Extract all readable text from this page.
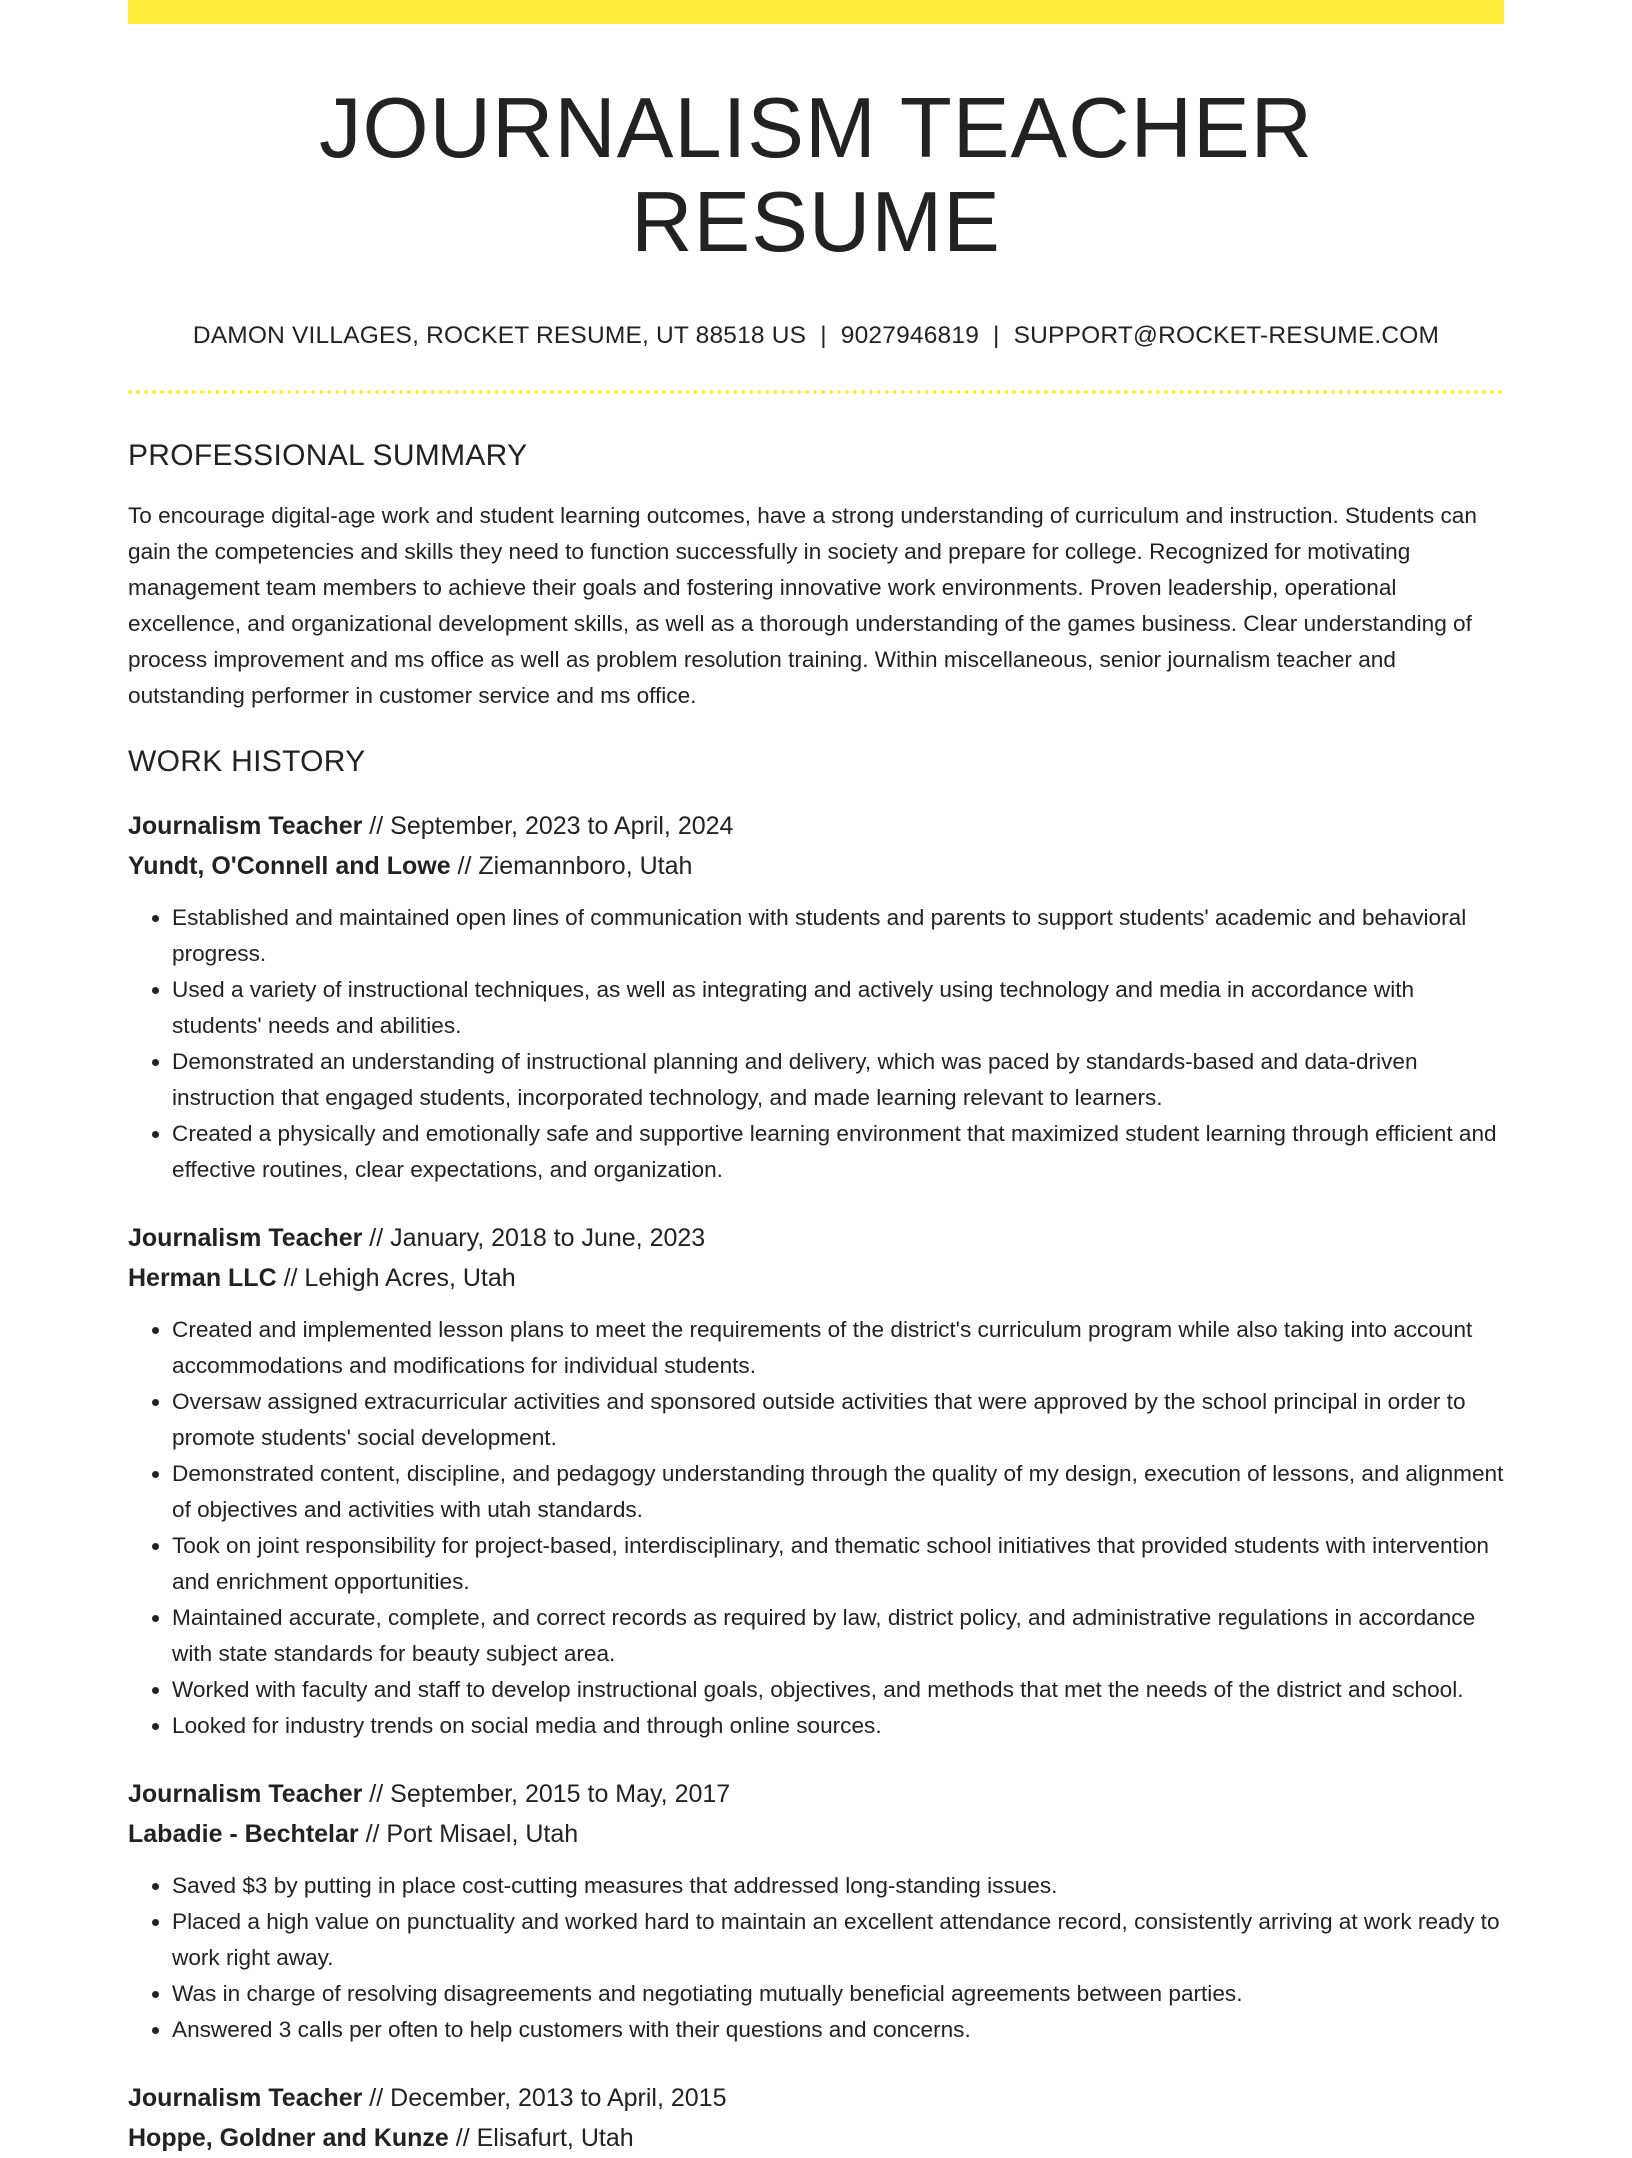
JOURNALISM TEACHER RESUME
DAMON VILLAGES, ROCKET RESUME, UT 88518 US | 9027946819 | SUPPORT@ROCKET-RESUME.COM
PROFESSIONAL SUMMARY

To encourage digital-age work and student learning outcomes, have a strong understanding of curriculum and instruction. Students can gain the competencies and skills they need to function successfully in society and prepare for college. Recognized for motivating management team members to achieve their goals and fostering innovative work environments. Proven leadership, operational excellence, and organizational development skills, as well as a thorough understanding of the games business. Clear understanding of process improvement and ms office as well as problem resolution training. Within miscellaneous, senior journalism teacher and outstanding performer in customer service and ms office.

WORK HISTORY
Journalism Teacher // September, 2023 to April, 2024
Yundt, O'Connell and Lowe // Ziemannboro, Utah
• Established and maintained open lines of communication with students and parents to support students' academic and behavioral progress.
• Used a variety of instructional techniques, as well as integrating and actively using technology and media in accordance with students' needs and abilities.
• Demonstrated an understanding of instructional planning and delivery, which was paced by standards-based and data-driven instruction that engaged students, incorporated technology, and made learning relevant to learners.
• Created a physically and emotionally safe and supportive learning environment that maximized student learning through efficient and effective routines, clear expectations, and organization.
Journalism Teacher // January, 2018 to June, 2023
Herman LLC // Lehigh Acres, Utah
• Created and implemented lesson plans to meet the requirements of the district's curriculum program while also taking into account accommodations and modifications for individual students.
• Oversaw assigned extracurricular activities and sponsored outside activities that were approved by the school principal in order to promote students' social development.
• Demonstrated content, discipline, and pedagogy understanding through the quality of my design, execution of lessons, and alignment of objectives and activities with utah standards.
• Took on joint responsibility for project-based, interdisciplinary, and thematic school initiatives that provided students with intervention and enrichment opportunities.
• Maintained accurate, complete, and correct records as required by law, district policy, and administrative regulations in accordance with state standards for beauty subject area.
• Worked with faculty and staff to develop instructional goals, objectives, and methods that met the needs of the district and school.
• Looked for industry trends on social media and through online sources.
Journalism Teacher // September, 2015 to May, 2017
Labadie - Bechtelar // Port Misael, Utah
• Saved $3 by putting in place cost-cutting measures that addressed long-standing issues.
• Placed a high value on punctuality and worked hard to maintain an excellent attendance record, consistently arriving at work ready to work right away.
• Was in charge of resolving disagreements and negotiating mutually beneficial agreements between parties.
• Answered 3 calls per often to help customers with their questions and concerns.
Journalism Teacher // December, 2013 to April, 2015
Hoppe, Goldner and Kunze // Elisafurt, Utah
